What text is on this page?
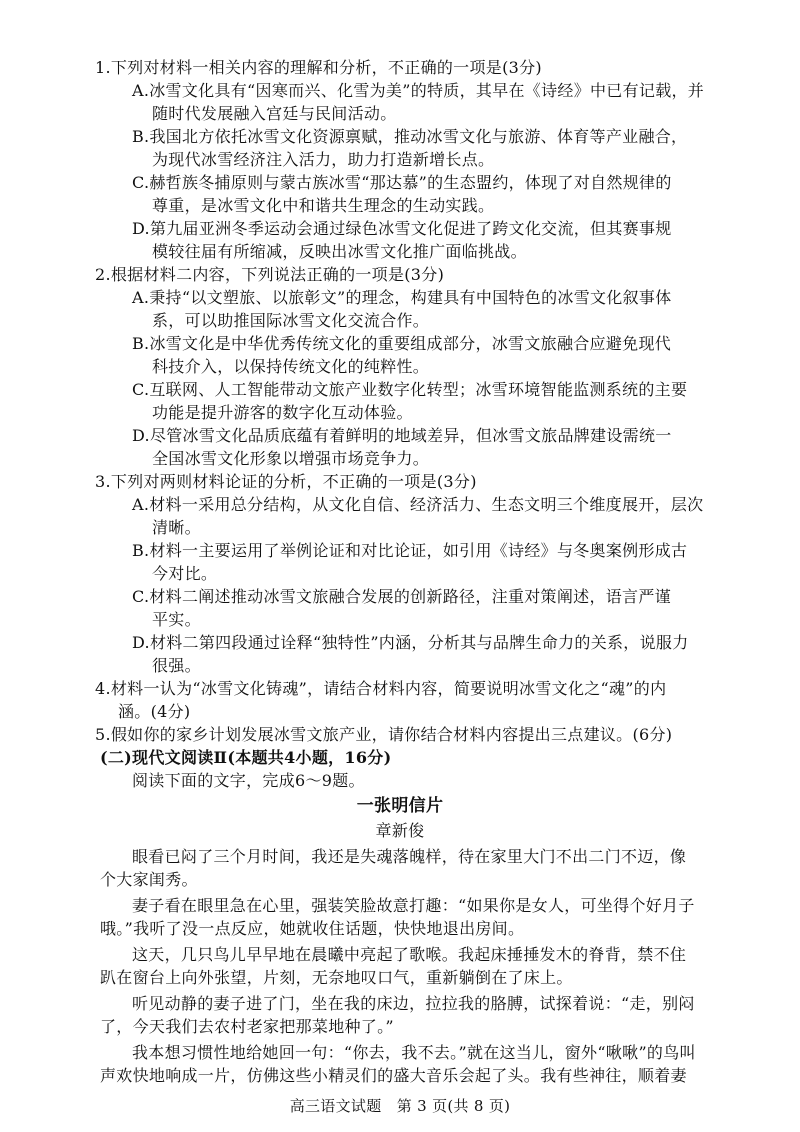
1.下列对材料一相关内容的理解和分析，不正确的一项是(3分)
A.冰雪文化具有“因寒而兴、化雪为美”的特质，其早在《诗经》中已有记载，并
随时代发展融入宫廷与民间活动。
B.我国北方依托冰雪文化资源禀赋，推动冰雪文化与旅游、体育等产业融合，
为现代冰雪经济注入活力，助力打造新增长点。
C.赫哲族冬捕原则与蒙古族冰雪“那达慕”的生态盟约，体现了对自然规律的
尊重，是冰雪文化中和谐共生理念的生动实践。
D.第九届亚洲冬季运动会通过绿色冰雪文化促进了跨文化交流，但其赛事规
模较往届有所缩减，反映出冰雪文化推广面临挑战。
2.根据材料二内容，下列说法正确的一项是(3分)
A.秉持“以文塑旅、以旅彰文”的理念，构建具有中国特色的冰雪文化叙事体
系，可以助推国际冰雪文化交流合作。
B.冰雪文化是中华优秀传统文化的重要组成部分，冰雪文旅融合应避免现代
科技介入，以保持传统文化的纯粹性。
C.互联网、人工智能带动文旅产业数字化转型；冰雪环境智能监测系统的主要
功能是提升游客的数字化互动体验。
D.尽管冰雪文化品质底蕴有着鲜明的地域差异，但冰雪文旅品牌建设需统一
全国冰雪文化形象以增强市场竞争力。
3.下列对两则材料论证的分析，不正确的一项是(3分)
A.材料一采用总分结构，从文化自信、经济活力、生态文明三个维度展开，层次
清晰。
B.材料一主要运用了举例论证和对比论证，如引用《诗经》与冬奥案例形成古
今对比。
C.材料二阐述推动冰雪文旅融合发展的创新路径，注重对策阐述，语言严谨
平实。
D.材料二第四段通过诠释“独特性”内涵，分析其与品牌生命力的关系，说服力
很强。
4.材料一认为“冰雪文化铸魂”，请结合材料内容，简要说明冰雪文化之“魂”的内
涵。(4分)
5.假如你的家乡计划发展冰雪文旅产业，请你结合材料内容提出三点建议。(6分)
(二)现代文阅读Ⅱ(本题共4小题，16分)
阅读下面的文字，完成6～9题。
一张明信片
章新俊
眼看已闷了三个月时间，我还是失魂落魄样，待在家里大门不出二门不迈，像
个大家闺秀。
妻子看在眼里急在心里，强装笑脸故意打趣：“如果你是女人，可坐得个好月子
哦。”我听了没一点反应，她就收住话题，快快地退出房间。
这天，几只鸟儿早早地在晨曦中亮起了歌喉。我起床捶捶发木的脊背，禁不住
趴在窗台上向外张望，片刻，无奈地叹口气，重新躺倒在了床上。
听见动静的妻子进了门，坐在我的床边，拉拉我的胳膊，试探着说：“走，别闷
了，今天我们去农村老家把那菜地种了。”
我本想习惯性地给她回一句：“你去，我不去。”就在这当儿，窗外“啾啾”的鸟叫
声欢快地响成一片，仿佛这些小精灵们的盛大音乐会起了头。我有些神往，顺着妻
高三语文试题　第 3 页(共 8 页)
